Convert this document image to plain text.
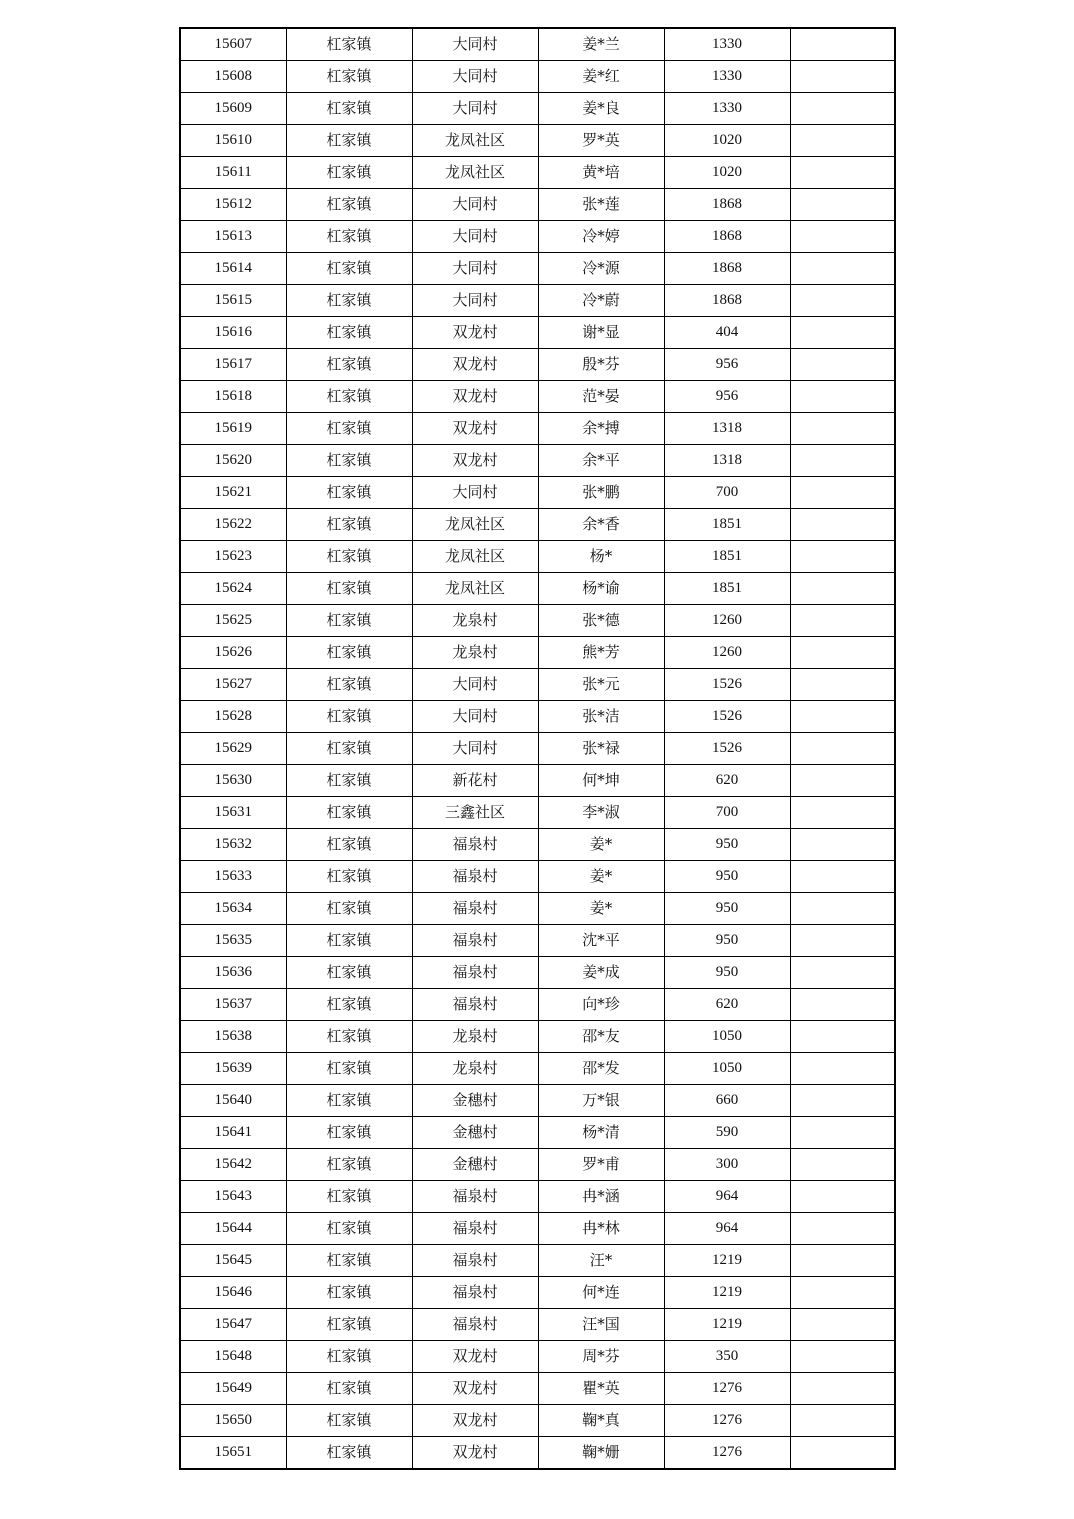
15607	杠家镇	大同村	姜*兰	1330	
15608	杠家镇	大同村	姜*红	1330	
15609	杠家镇	大同村	姜*良	1330	
15610	杠家镇	龙凤社区	罗*英	1020	
15611	杠家镇	龙凤社区	黄*培	1020	
15612	杠家镇	大同村	张*莲	1868	
15613	杠家镇	大同村	冷*婷	1868	
15614	杠家镇	大同村	冷*源	1868	
15615	杠家镇	大同村	冷*蔚	1868	
15616	杠家镇	双龙村	谢*显	404	
15617	杠家镇	双龙村	殷*芬	956	
15618	杠家镇	双龙村	范*晏	956	
15619	杠家镇	双龙村	余*搏	1318	
15620	杠家镇	双龙村	余*平	1318	
15621	杠家镇	大同村	张*鹏	700	
15622	杠家镇	龙凤社区	余*香	1851	
15623	杠家镇	龙凤社区	杨*	1851	
15624	杠家镇	龙凤社区	杨*谕	1851	
15625	杠家镇	龙泉村	张*德	1260	
15626	杠家镇	龙泉村	熊*芳	1260	
15627	杠家镇	大同村	张*元	1526	
15628	杠家镇	大同村	张*洁	1526	
15629	杠家镇	大同村	张*禄	1526	
15630	杠家镇	新花村	何*坤	620	
15631	杠家镇	三鑫社区	李*淑	700	
15632	杠家镇	福泉村	姜*	950	
15633	杠家镇	福泉村	姜*	950	
15634	杠家镇	福泉村	姜*	950	
15635	杠家镇	福泉村	沈*平	950	
15636	杠家镇	福泉村	姜*成	950	
15637	杠家镇	福泉村	向*珍	620	
15638	杠家镇	龙泉村	邵*友	1050	
15639	杠家镇	龙泉村	邵*发	1050	
15640	杠家镇	金穗村	万*银	660	
15641	杠家镇	金穗村	杨*清	590	
15642	杠家镇	金穗村	罗*甫	300	
15643	杠家镇	福泉村	冉*涵	964	
15644	杠家镇	福泉村	冉*林	964	
15645	杠家镇	福泉村	汪*	1219	
15646	杠家镇	福泉村	何*连	1219	
15647	杠家镇	福泉村	汪*国	1219	
15648	杠家镇	双龙村	周*芬	350	
15649	杠家镇	双龙村	瞿*英	1276	
15650	杠家镇	双龙村	鞠*真	1276	
15651	杠家镇	双龙村	鞠*姗	1276	
